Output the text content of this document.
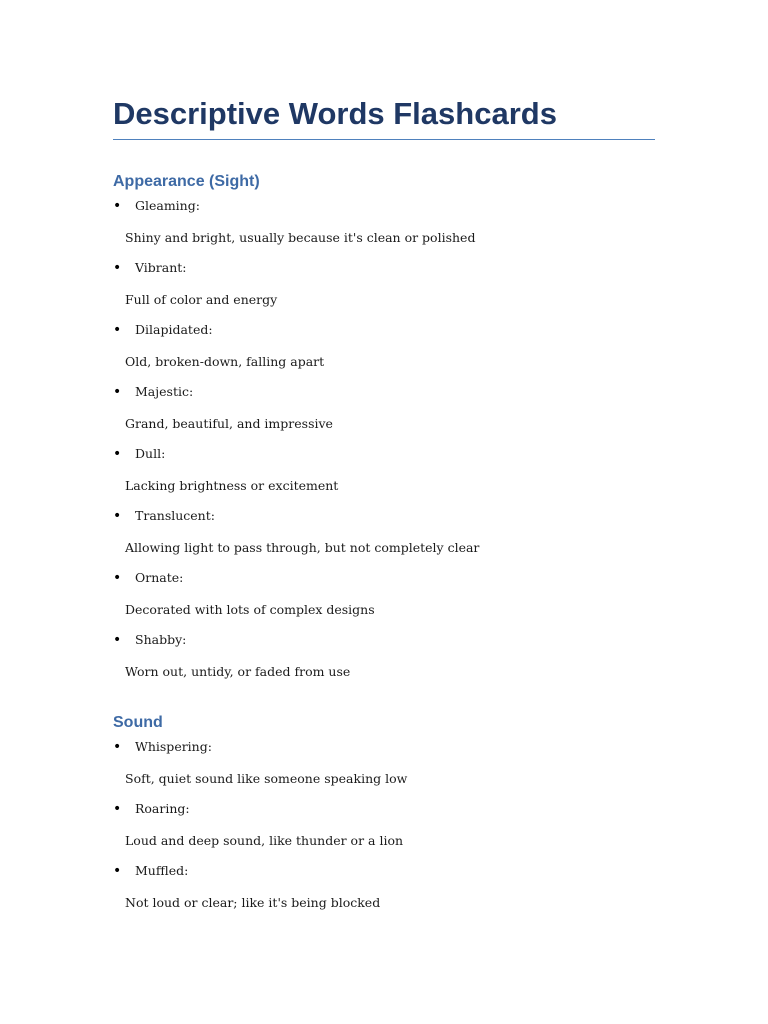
Descriptive Words Flashcards
Appearance (Sight)
• Gleaming:
Shiny and bright, usually because it's clean or polished
• Vibrant:
Full of color and energy
• Dilapidated:
Old, broken-down, falling apart
• Majestic:
Grand, beautiful, and impressive
• Dull:
Lacking brightness or excitement
• Translucent:
Allowing light to pass through, but not completely clear
• Ornate:
Decorated with lots of complex designs
• Shabby:
Worn out, untidy, or faded from use
Sound
• Whispering:
Soft, quiet sound like someone speaking low
• Roaring:
Loud and deep sound, like thunder or a lion
• Muffled:
Not loud or clear; like it's being blocked
